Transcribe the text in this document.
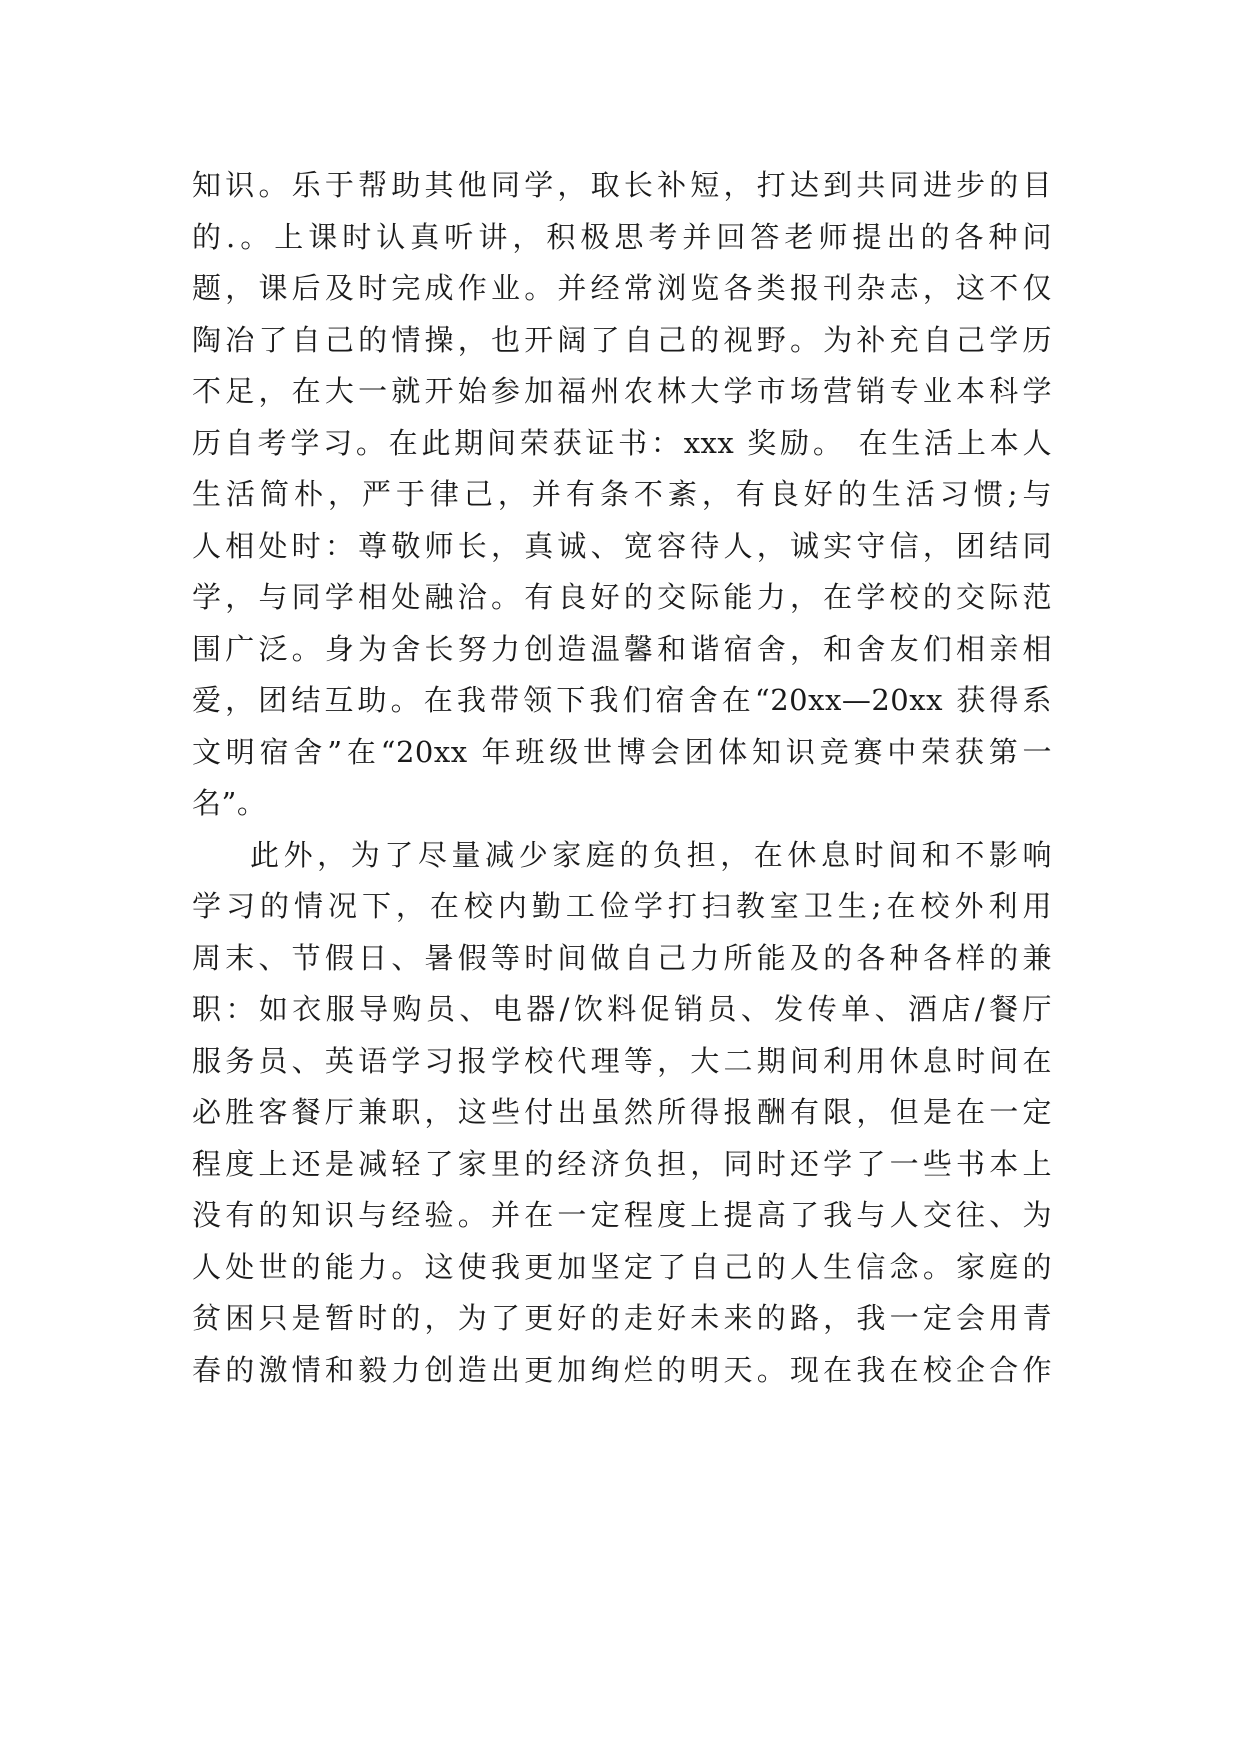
知识。乐于帮助其他同学，取长补短，打达到共同进步的目
的.。上课时认真听讲，积极思考并回答老师提出的各种问
题，课后及时完成作业。并经常浏览各类报刊杂志，这不仅
陶冶了自己的情操，也开阔了自己的视野。为补充自己学历
不足，在大一就开始参加福州农林大学市场营销专业本科学
历自考学习。在此期间荣获证书：xxx 奖励。 在生活上本人
生活简朴，严于律己，并有条不紊，有良好的生活习惯;与
人相处时：尊敬师长，真诚、宽容待人，诚实守信，团结同
学，与同学相处融洽。有良好的交际能力，在学校的交际范
围广泛。身为舍长努力创造温馨和谐宿舍，和舍友们相亲相
爱，团结互助。在我带领下我们宿舍在“20xx—20xx 获得系
文明宿舍”在“20xx 年班级世博会团体知识竞赛中荣获第一
名”。
此外，为了尽量减少家庭的负担，在休息时间和不影响
学习的情况下，在校内勤工俭学打扫教室卫生;在校外利用
周末、节假日、暑假等时间做自己力所能及的各种各样的兼
职：如衣服导购员、电器/饮料促销员、发传单、酒店/餐厅
服务员、英语学习报学校代理等，大二期间利用休息时间在
必胜客餐厅兼职，这些付出虽然所得报酬有限，但是在一定
程度上还是减轻了家里的经济负担，同时还学了一些书本上
没有的知识与经验。并在一定程度上提高了我与人交往、为
人处世的能力。这使我更加坚定了自己的人生信念。家庭的
贫困只是暂时的，为了更好的走好未来的路，我一定会用青
春的激情和毅力创造出更加绚烂的明天。现在我在校企合作
